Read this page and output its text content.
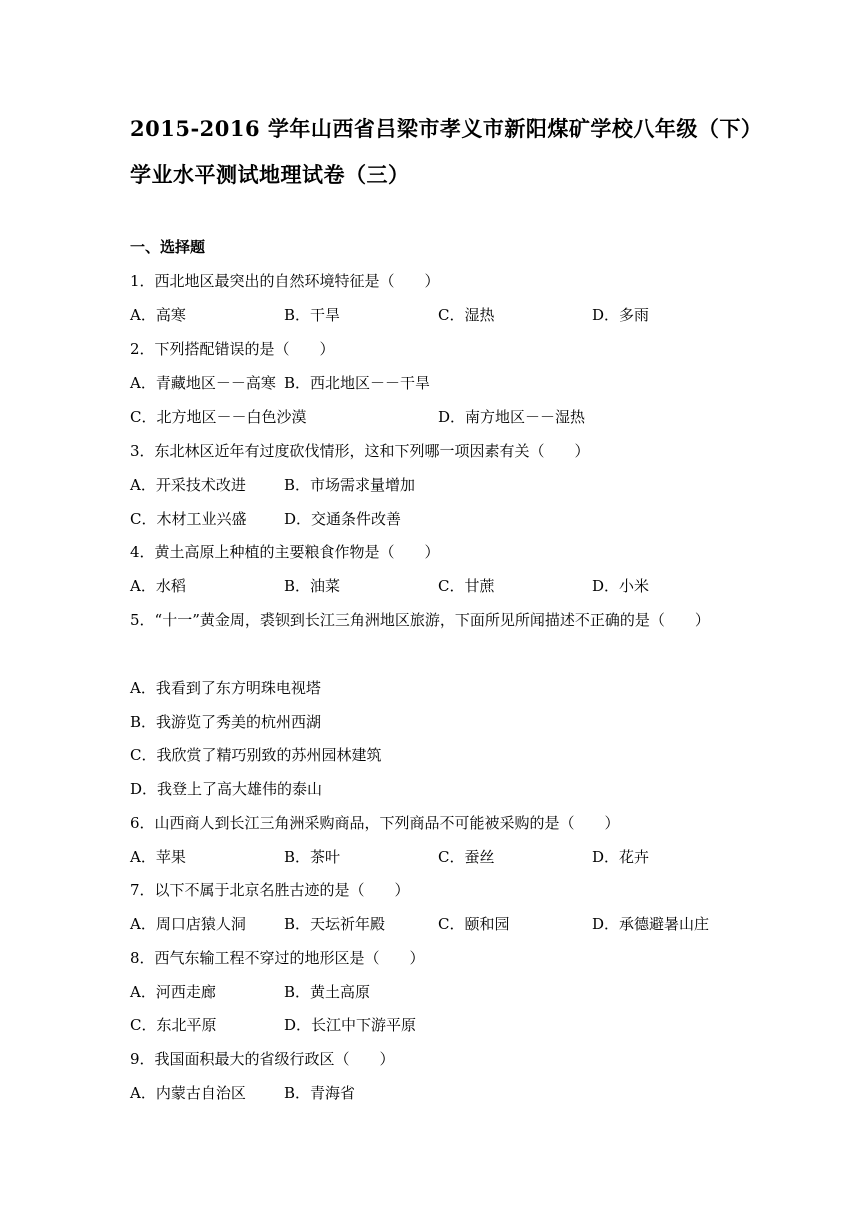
2015-2016 学年山西省吕梁市孝义市新阳煤矿学校八年级（下）
学业水平测试地理试卷（三）
一、选择题
1．西北地区最突出的自然环境特征是（　　）
A．高寒	B．干旱	C．湿热	D．多雨
2．下列搭配错误的是（　　）
A．青藏地区－－高寒 B．西北地区－－干旱
C．北方地区－－白色沙漠	D．南方地区－－湿热
3．东北林区近年有过度砍伐情形，这和下列哪一项因素有关（　　）
A．开采技术改进	B．市场需求量增加
C．木材工业兴盛	D．交通条件改善
4．黄土高原上种植的主要粮食作物是（　　）
A．水稻	B．油菜	C．甘蔗	D．小米
5．“十一”黄金周，裘钡到长江三角洲地区旅游，下面所见所闻描述不正确的是（　　）
A．我看到了东方明珠电视塔
B．我游览了秀美的杭州西湖
C．我欣赏了精巧别致的苏州园林建筑
D．我登上了高大雄伟的泰山
6．山西商人到长江三角洲采购商品，下列商品不可能被采购的是（　　）
A．苹果	B．茶叶	C．蚕丝	D．花卉
7．以下不属于北京名胜古迹的是（　　）
A．周口店猿人洞	B．天坛祈年殿	C．颐和园	D．承德避暑山庄
8．西气东输工程不穿过的地形区是（　　）
A．河西走廊	B．黄土高原
C．东北平原	D．长江中下游平原
9．我国面积最大的省级行政区（　　）
A．内蒙古自治区	B．青海省
